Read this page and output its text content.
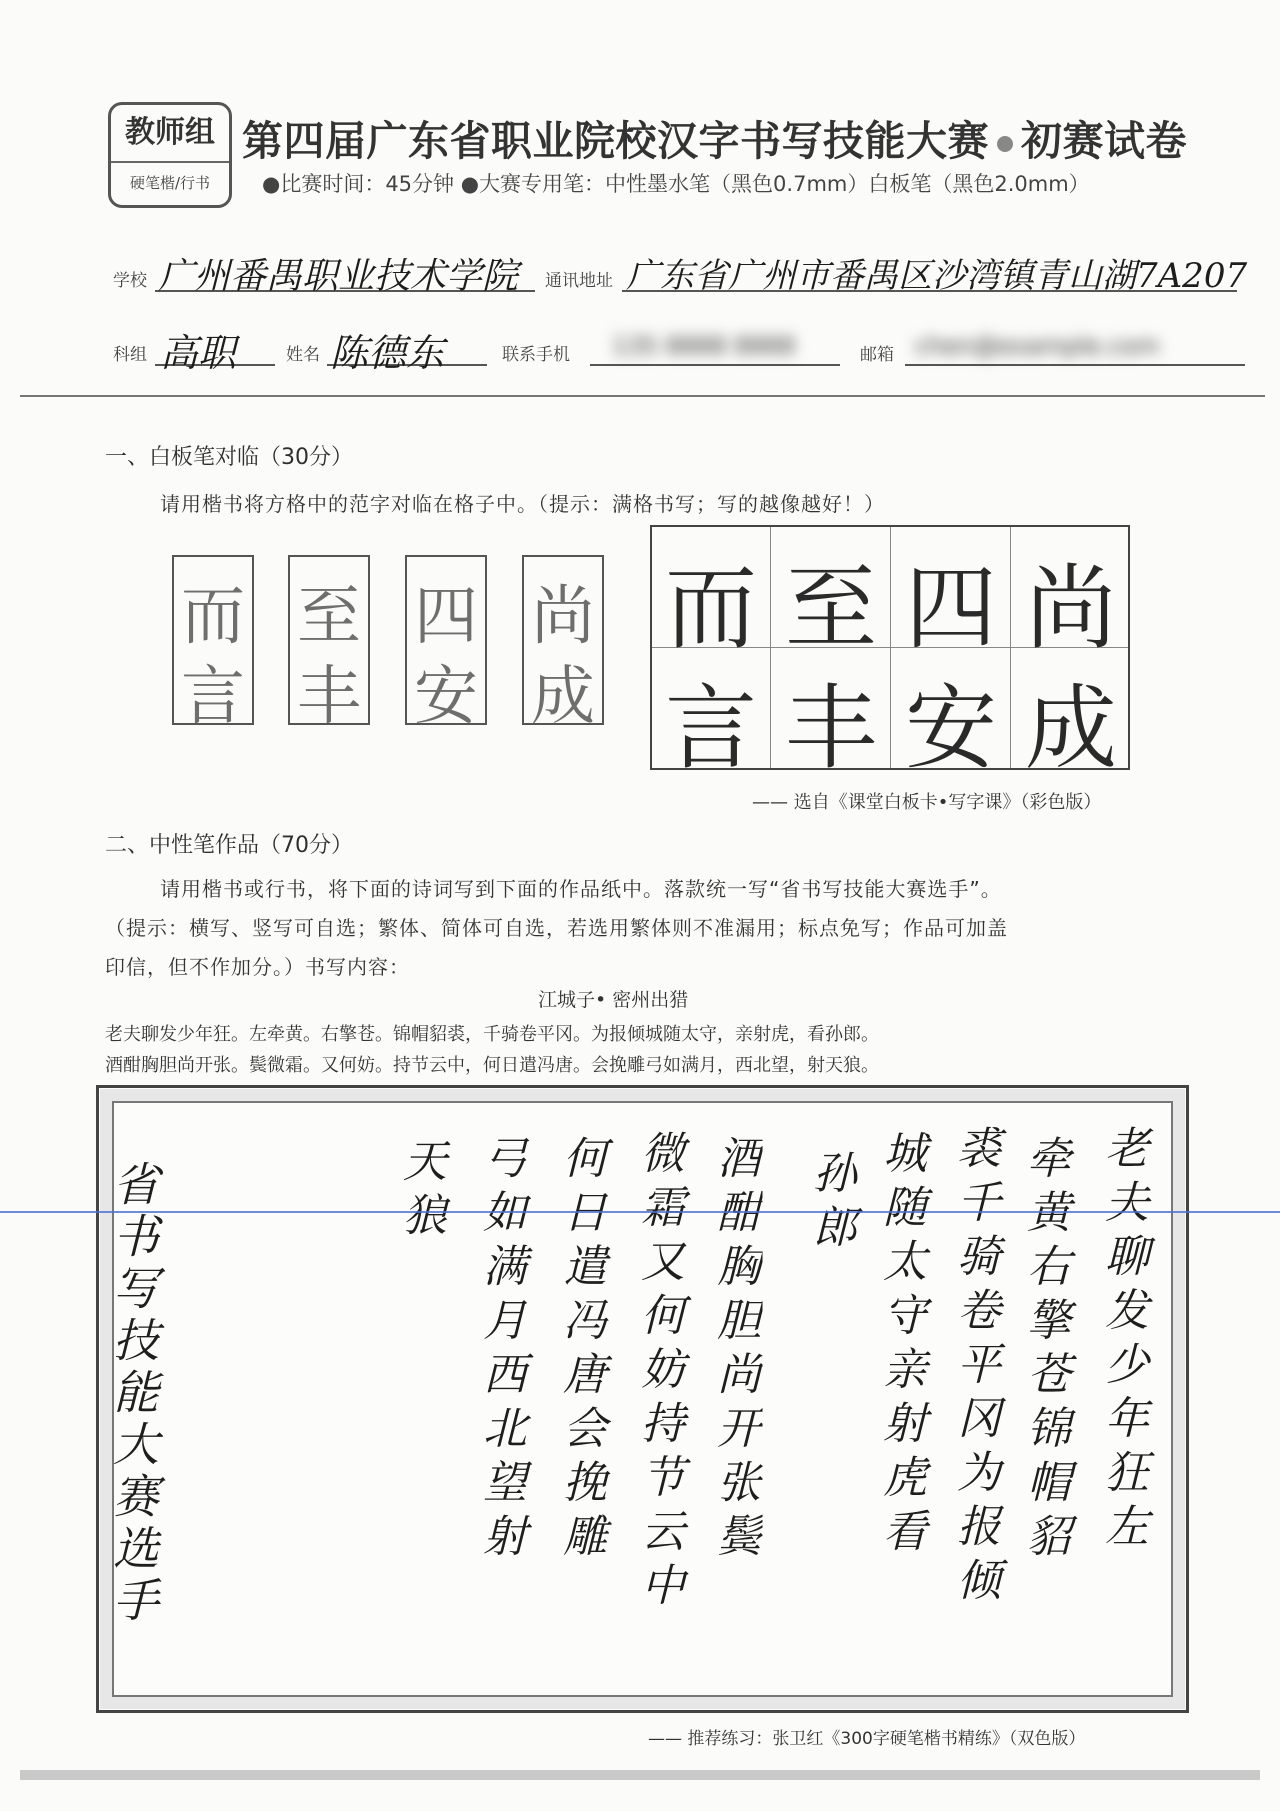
教师组
硬笔楷/行书
第四届广东省职业院校汉字书写技能大赛 初赛试卷
●比赛时间：45分钟 ●大赛专用笔：中性墨水笔（黑色0.7mm）白板笔（黑色2.0mm）
学校 广州番禺职业技术学院 通讯地址 广东省广州市番禺区沙湾镇青山湖7A207
科组 高职	姓名 陈德东	联系手机 135 8888 8888	邮箱 chen@example.com
一、白板笔对临（30分）
请用楷书将方格中的范字对临在格子中。（提示：满格书写；写的越像越好！）
而
言
至
丰
四
安
尚
成
而 至 四 尚
言 丰 安 成
—— 选自《课堂白板卡•写字课》（彩色版）
二、中性笔作品（70分）
请用楷书或行书，将下面的诗词写到下面的作品纸中。落款统一写“省书写技能大赛选手”。
（提示：横写、竖写可自选；繁体、简体可自选，若选用繁体则不准漏用；标点免写；作品可加盖
印信，但不作加分。）书写内容：
江城子• 密州出猎
老夫聊发少年狂。左牵黄。右擎苍。锦帽貂裘，千骑卷平冈。为报倾城随太守，亲射虎，看孙郎。
酒酣胸胆尚开张。鬓微霜。又何妨。持节云中，何日遣冯唐。会挽雕弓如满月，西北望，射天狼。
老夫聊发少年狂左
牵黄右擎苍锦帽貂
裘千骑卷平冈为报倾
城随太守亲射虎看
孙郎
酒酣胸胆尚开张鬓
微霜又何妨持节云中
何日遣冯唐会挽雕
弓如满月西北望射
天狼
省书写技能大赛选手
—— 推荐练习：张卫红《300字硬笔楷书精练》（双色版）
